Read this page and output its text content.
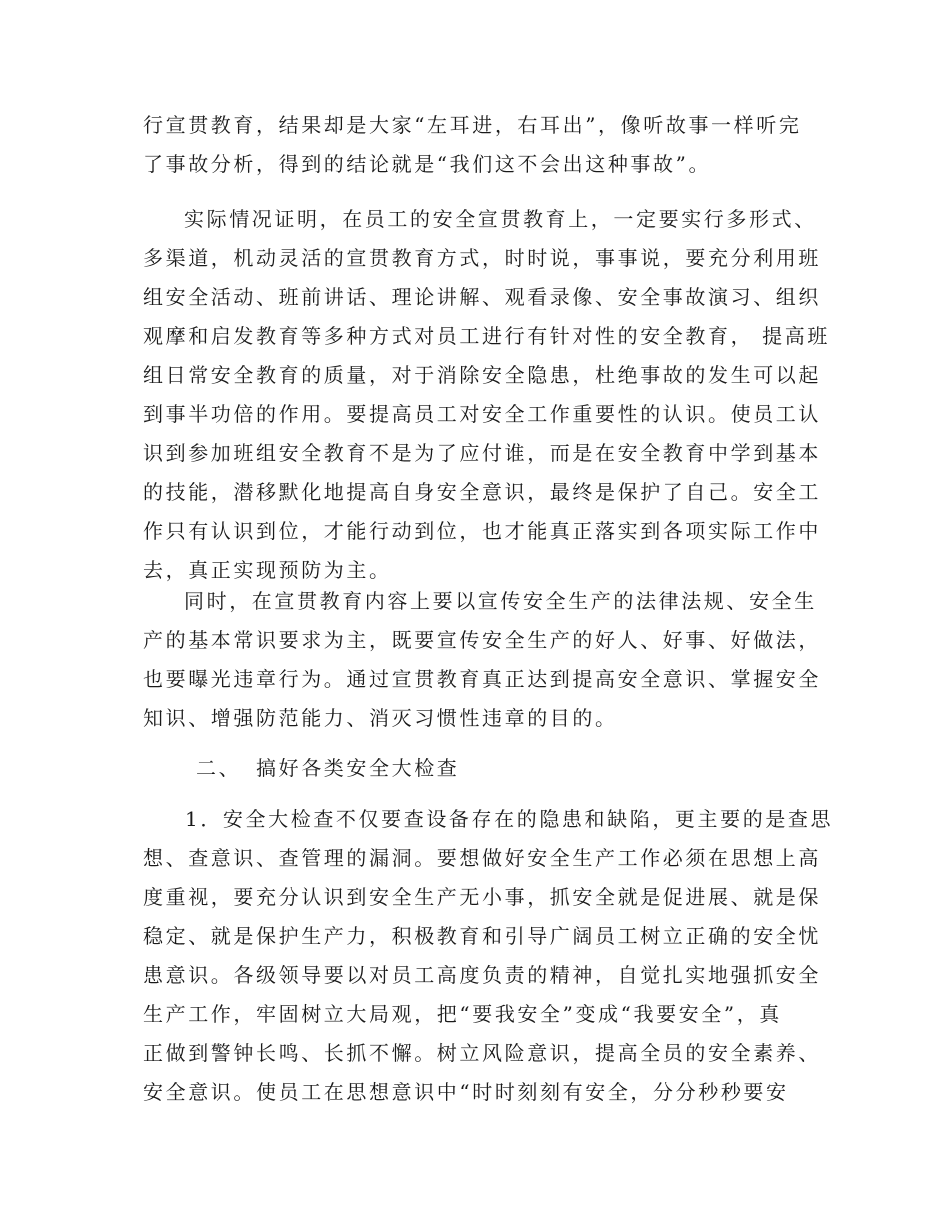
行宣贯教育，结果却是大家“左耳进，右耳出”，像听故事一样听完
了事故分析，得到的结论就是“我们这不会出这种事故”。
实际情况证明，在员工的安全宣贯教育上，一定要实行多形式、
多渠道，机动灵活的宣贯教育方式，时时说，事事说，要充分利用班
组安全活动、班前讲话、理论讲解、观看录像、安全事故演习、组织
观摩和启发教育等多种方式对员工进行有针对性的安全教育， 提高班
组日常安全教育的质量，对于消除安全隐患，杜绝事故的发生可以起
到事半功倍的作用。要提高员工对安全工作重要性的认识。使员工认
识到参加班组安全教育不是为了应付谁，而是在安全教育中学到基本
的技能，潜移默化地提高自身安全意识，最终是保护了自己。安全工
作只有认识到位，才能行动到位，也才能真正落实到各项实际工作中
去，真正实现预防为主。
同时，在宣贯教育内容上要以宣传安全生产的法律法规、安全生
产的基本常识要求为主，既要宣传安全生产的好人、好事、好做法，
也要曝光违章行为。通过宣贯教育真正达到提高安全意识、掌握安全
知识、增强防范能力、消灭习惯性违章的目的。
二、 搞好各类安全大检查
1．安全大检查不仅要查设备存在的隐患和缺陷，更主要的是查思
想、查意识、查管理的漏洞。要想做好安全生产工作必须在思想上高
度重视，要充分认识到安全生产无小事，抓安全就是促进展、就是保
稳定、就是保护生产力，积极教育和引导广阔员工树立正确的安全忧
患意识。各级领导要以对员工高度负责的精神，自觉扎实地强抓安全
生产工作，牢固树立大局观，把“要我安全”变成“我要安全”，真
正做到警钟长鸣、长抓不懈。树立风险意识，提高全员的安全素养、
安全意识。使员工在思想意识中“时时刻刻有安全，分分秒秒要安
